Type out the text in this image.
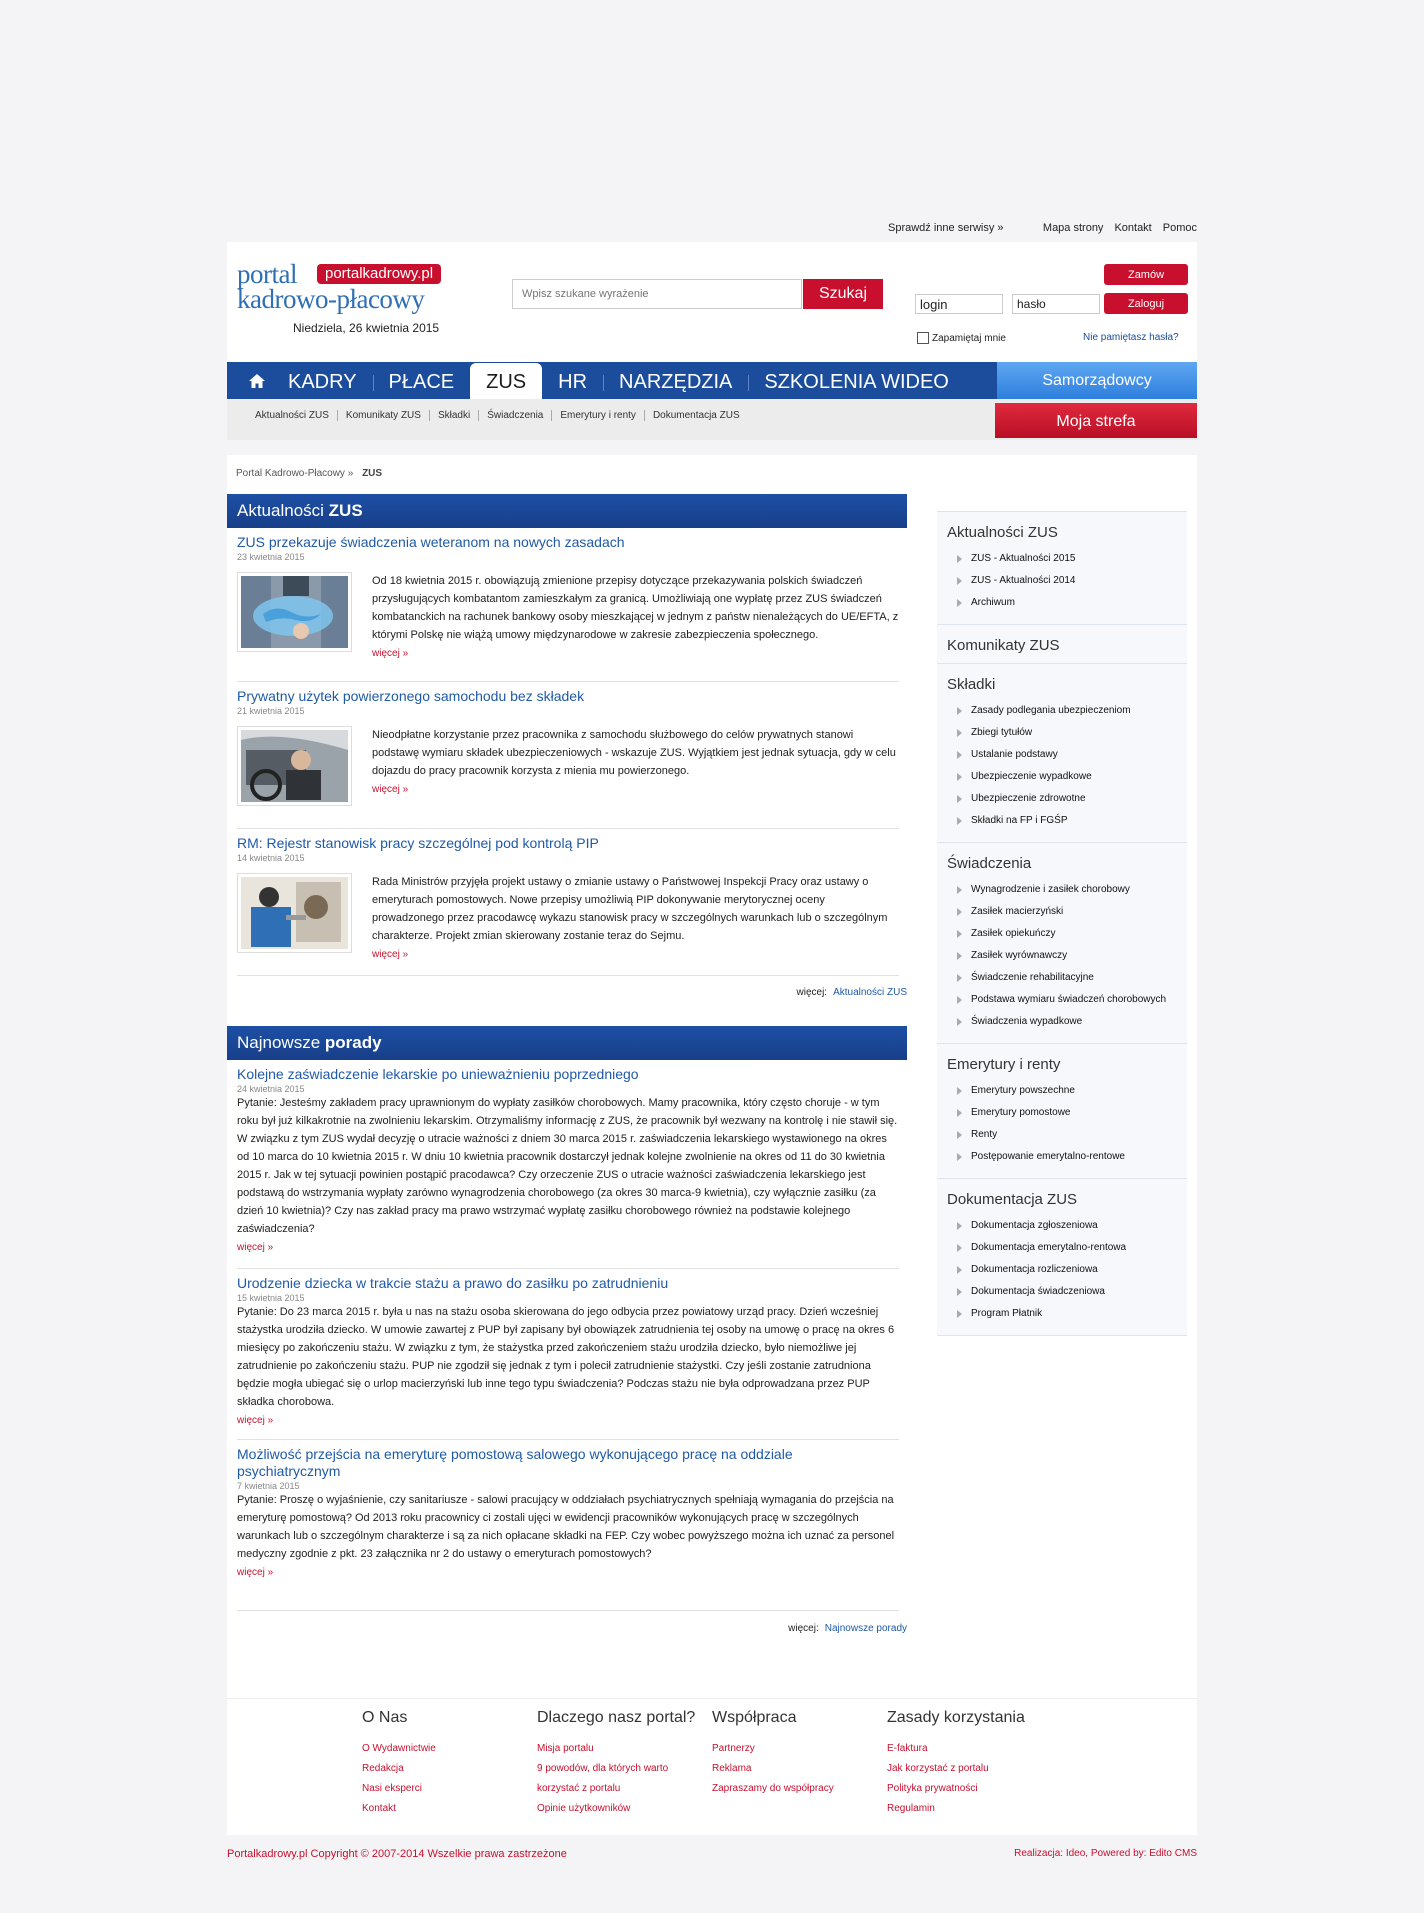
Sprawdź inne serwisy »	Mapa strony Kontakt Pomoc
portal
kadrowo-płacowy
portalkadrowy.pl
Niedziela, 26 kwietnia 2015
Wpisz szukane wyrażenie
Szukaj
Zamów
login
hasło
Zaloguj
Zapamiętaj mnie	Nie pamiętasz hasła?
KADRY	PŁACE	ZUS	HR	NARZĘDZIA	SZKOLENIA WIDEO	Samorządowcy
Aktualności ZUS	Komunikaty ZUS	Składki	Świadczenia	Emerytury i renty	Dokumentacja ZUS	Moja strefa
Portal Kadrowo-Płacowy » ZUS
Aktualności ZUS
ZUS przekazuje świadczenia weteranom na nowych zasadach
23 kwietnia 2015
Od 18 kwietnia 2015 r. obowiązują zmienione przepisy dotyczące przekazywania polskich świadczeń przysługujących kombatantom zamieszkałym za granicą. Umożliwiają one wypłatę przez ZUS świadczeń kombatanckich na rachunek bankowy osoby mieszkającej w jednym z państw nienależących do UE/EFTA, z którymi Polskę nie wiążą umowy międzynarodowe w zakresie zabezpieczenia społecznego.
więcej »
Prywatny użytek powierzonego samochodu bez składek
21 kwietnia 2015
Nieodpłatne korzystanie przez pracownika z samochodu służbowego do celów prywatnych stanowi podstawę wymiaru składek ubezpieczeniowych - wskazuje ZUS. Wyjątkiem jest jednak sytuacja, gdy w celu dojazdu do pracy pracownik korzysta z mienia mu powierzonego.
więcej »
RM: Rejestr stanowisk pracy szczególnej pod kontrolą PIP
14 kwietnia 2015
Rada Ministrów przyjęła projekt ustawy o zmianie ustawy o Państwowej Inspekcji Pracy oraz ustawy o emeryturach pomostowych. Nowe przepisy umożliwią PIP dokonywanie merytorycznej oceny prowadzonego przez pracodawcę wykazu stanowisk pracy w szczególnych warunkach lub o szczególnym charakterze. Projekt zmian skierowany zostanie teraz do Sejmu.
więcej »
więcej: Aktualności ZUS
Najnowsze porady
Kolejne zaświadczenie lekarskie po unieważnieniu poprzedniego
24 kwietnia 2015
Pytanie: Jesteśmy zakładem pracy uprawnionym do wypłaty zasiłków chorobowych. Mamy pracownika, który często choruje - w tym roku był już kilkakrotnie na zwolnieniu lekarskim. Otrzymaliśmy informację z ZUS, że pracownik był wezwany na kontrolę i nie stawił się. W związku z tym ZUS wydał decyzję o utracie ważności z dniem 30 marca 2015 r. zaświadczenia lekarskiego wystawionego na okres od 10 marca do 10 kwietnia 2015 r. W dniu 10 kwietnia pracownik dostarczył jednak kolejne zwolnienie na okres od 11 do 30 kwietnia 2015 r. Jak w tej sytuacji powinien postąpić pracodawca? Czy orzeczenie ZUS o utracie ważności zaświadczenia lekarskiego jest podstawą do wstrzymania wypłaty zarówno wynagrodzenia chorobowego (za okres 30 marca-9 kwietnia), czy wyłącznie zasiłku (za dzień 10 kwietnia)? Czy nas zakład pracy ma prawo wstrzymać wypłatę zasiłku chorobowego również na podstawie kolejnego zaświadczenia?
więcej »
Urodzenie dziecka w trakcie stażu a prawo do zasiłku po zatrudnieniu
15 kwietnia 2015
Pytanie: Do 23 marca 2015 r. była u nas na stażu osoba skierowana do jego odbycia przez powiatowy urząd pracy. Dzień wcześniej stażystka urodziła dziecko. W umowie zawartej z PUP był zapisany był obowiązek zatrudnienia tej osoby na umowę o pracę na okres 6 miesięcy po zakończeniu stażu. W związku z tym, że stażystka przed zakończeniem stażu urodziła dziecko, było niemożliwe jej zatrudnienie po zakończeniu stażu. PUP nie zgodził się jednak z tym i polecił zatrudnienie stażystki. Czy jeśli zostanie zatrudniona będzie mogła ubiegać się o urlop macierzyński lub inne tego typu świadczenia? Podczas stażu nie była odprowadzana przez PUP składka chorobowa.
więcej »
Możliwość przejścia na emeryturę pomostową salowego wykonującego pracę na oddziale psychiatrycznym
7 kwietnia 2015
Pytanie: Proszę o wyjaśnienie, czy sanitariusze - salowi pracujący w oddziałach psychiatrycznych spełniają wymagania do przejścia na emeryturę pomostową? Od 2013 roku pracownicy ci zostali ujęci w ewidencji pracowników wykonujących pracę w szczególnych warunkach lub o szczególnym charakterze i są za nich opłacane składki na FEP. Czy wobec powyższego można ich uznać za personel medyczny zgodnie z pkt. 23 załącznika nr 2 do ustawy o emeryturach pomostowych?
więcej »
więcej: Najnowsze porady
Aktualności ZUS
ZUS - Aktualności 2015
ZUS - Aktualności 2014
Archiwum
Komunikaty ZUS
Składki
Zasady podlegania ubezpieczeniom
Zbiegi tytułów
Ustalanie podstawy
Ubezpieczenie wypadkowe
Ubezpieczenie zdrowotne
Składki na FP i FGŚP
Świadczenia
Wynagrodzenie i zasiłek chorobowy
Zasiłek macierzyński
Zasiłek opiekuńczy
Zasiłek wyrównawczy
Świadczenie rehabilitacyjne
Podstawa wymiaru świadczeń chorobowych
Świadczenia wypadkowe
Emerytury i renty
Emerytury powszechne
Emerytury pomostowe
Renty
Postępowanie emerytalno-rentowe
Dokumentacja ZUS
Dokumentacja zgłoszeniowa
Dokumentacja emerytalno-rentowa
Dokumentacja rozliczeniowa
Dokumentacja świadczeniowa
Program Płatnik
O Nas
O Wydawnictwie
Redakcja
Nasi eksperci
Kontakt
Dlaczego nasz portal?
Misja portalu
9 powodów, dla których warto
korzystać z portalu
Opinie użytkowników
Współpraca
Partnerzy
Reklama
Zapraszamy do współpracy
Zasady korzystania
E-faktura
Jak korzystać z portalu
Polityka prywatności
Regulamin
Portalkadrowy.pl Copyright © 2007-2014 Wszelkie prawa zastrzeżone	Realizacja: Ideo, Powered by: Edito CMS
